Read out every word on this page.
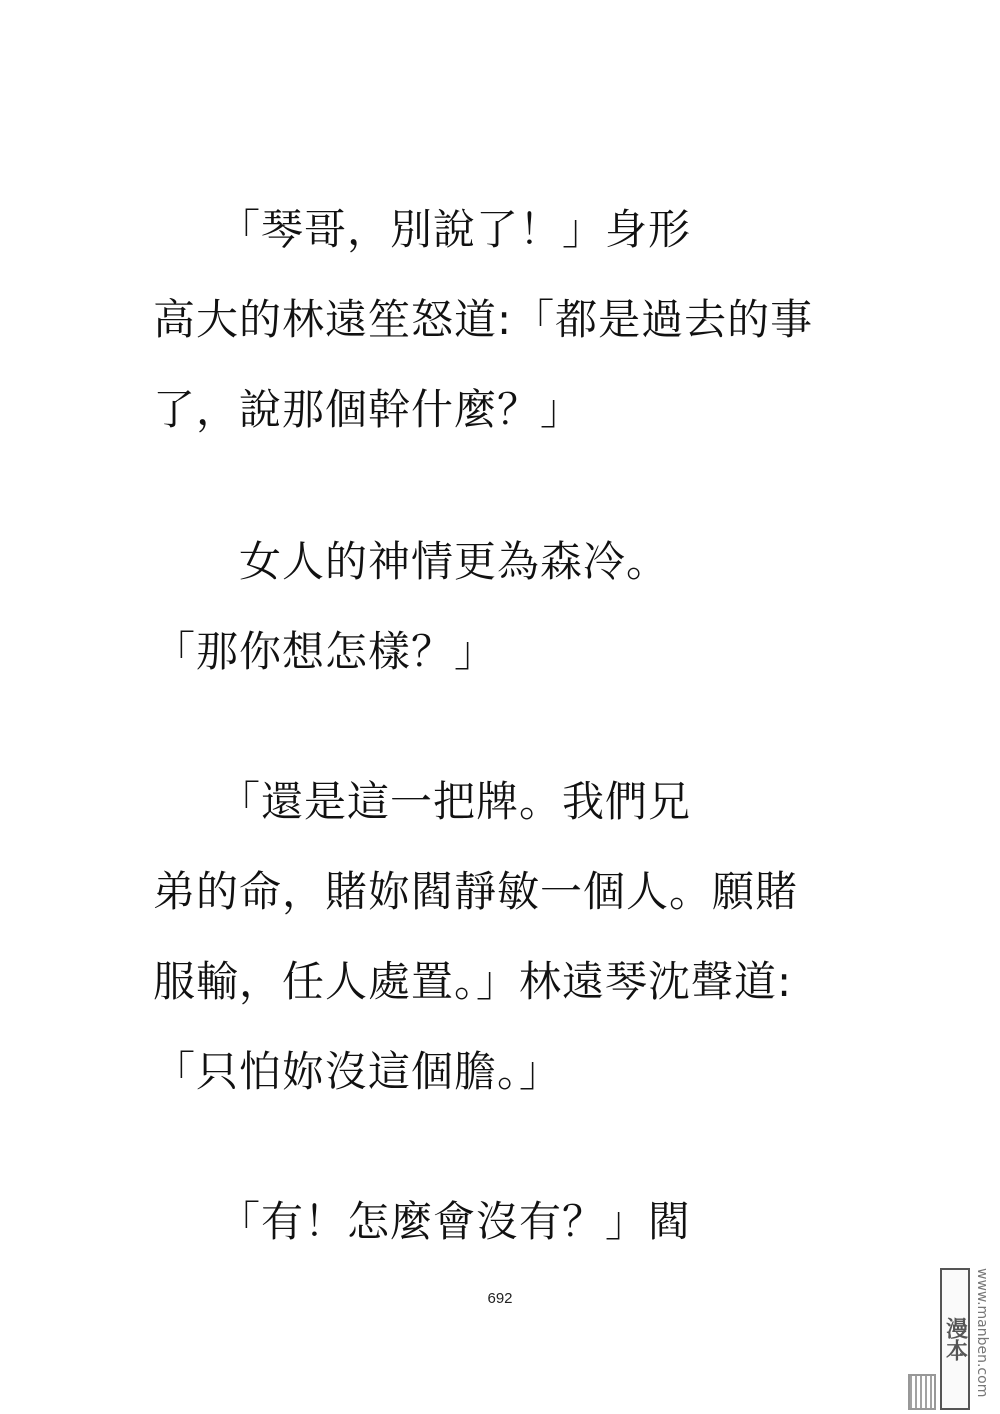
　　「琴哥，別說了！」身形
高大的林遠笙怒道:「都是過去的事
了，說那個幹什麼？」
　　女人的神情更為森冷。
「那你想怎樣？」
　　「還是這一把牌。我們兄
弟的命，賭妳閻靜敏一個人。願賭
服輸，任人處置。」林遠琴沈聲道:
「只怕妳沒這個膽。」
　　「有！怎麼會沒有？」閻
692
漫本 www.manben.com
